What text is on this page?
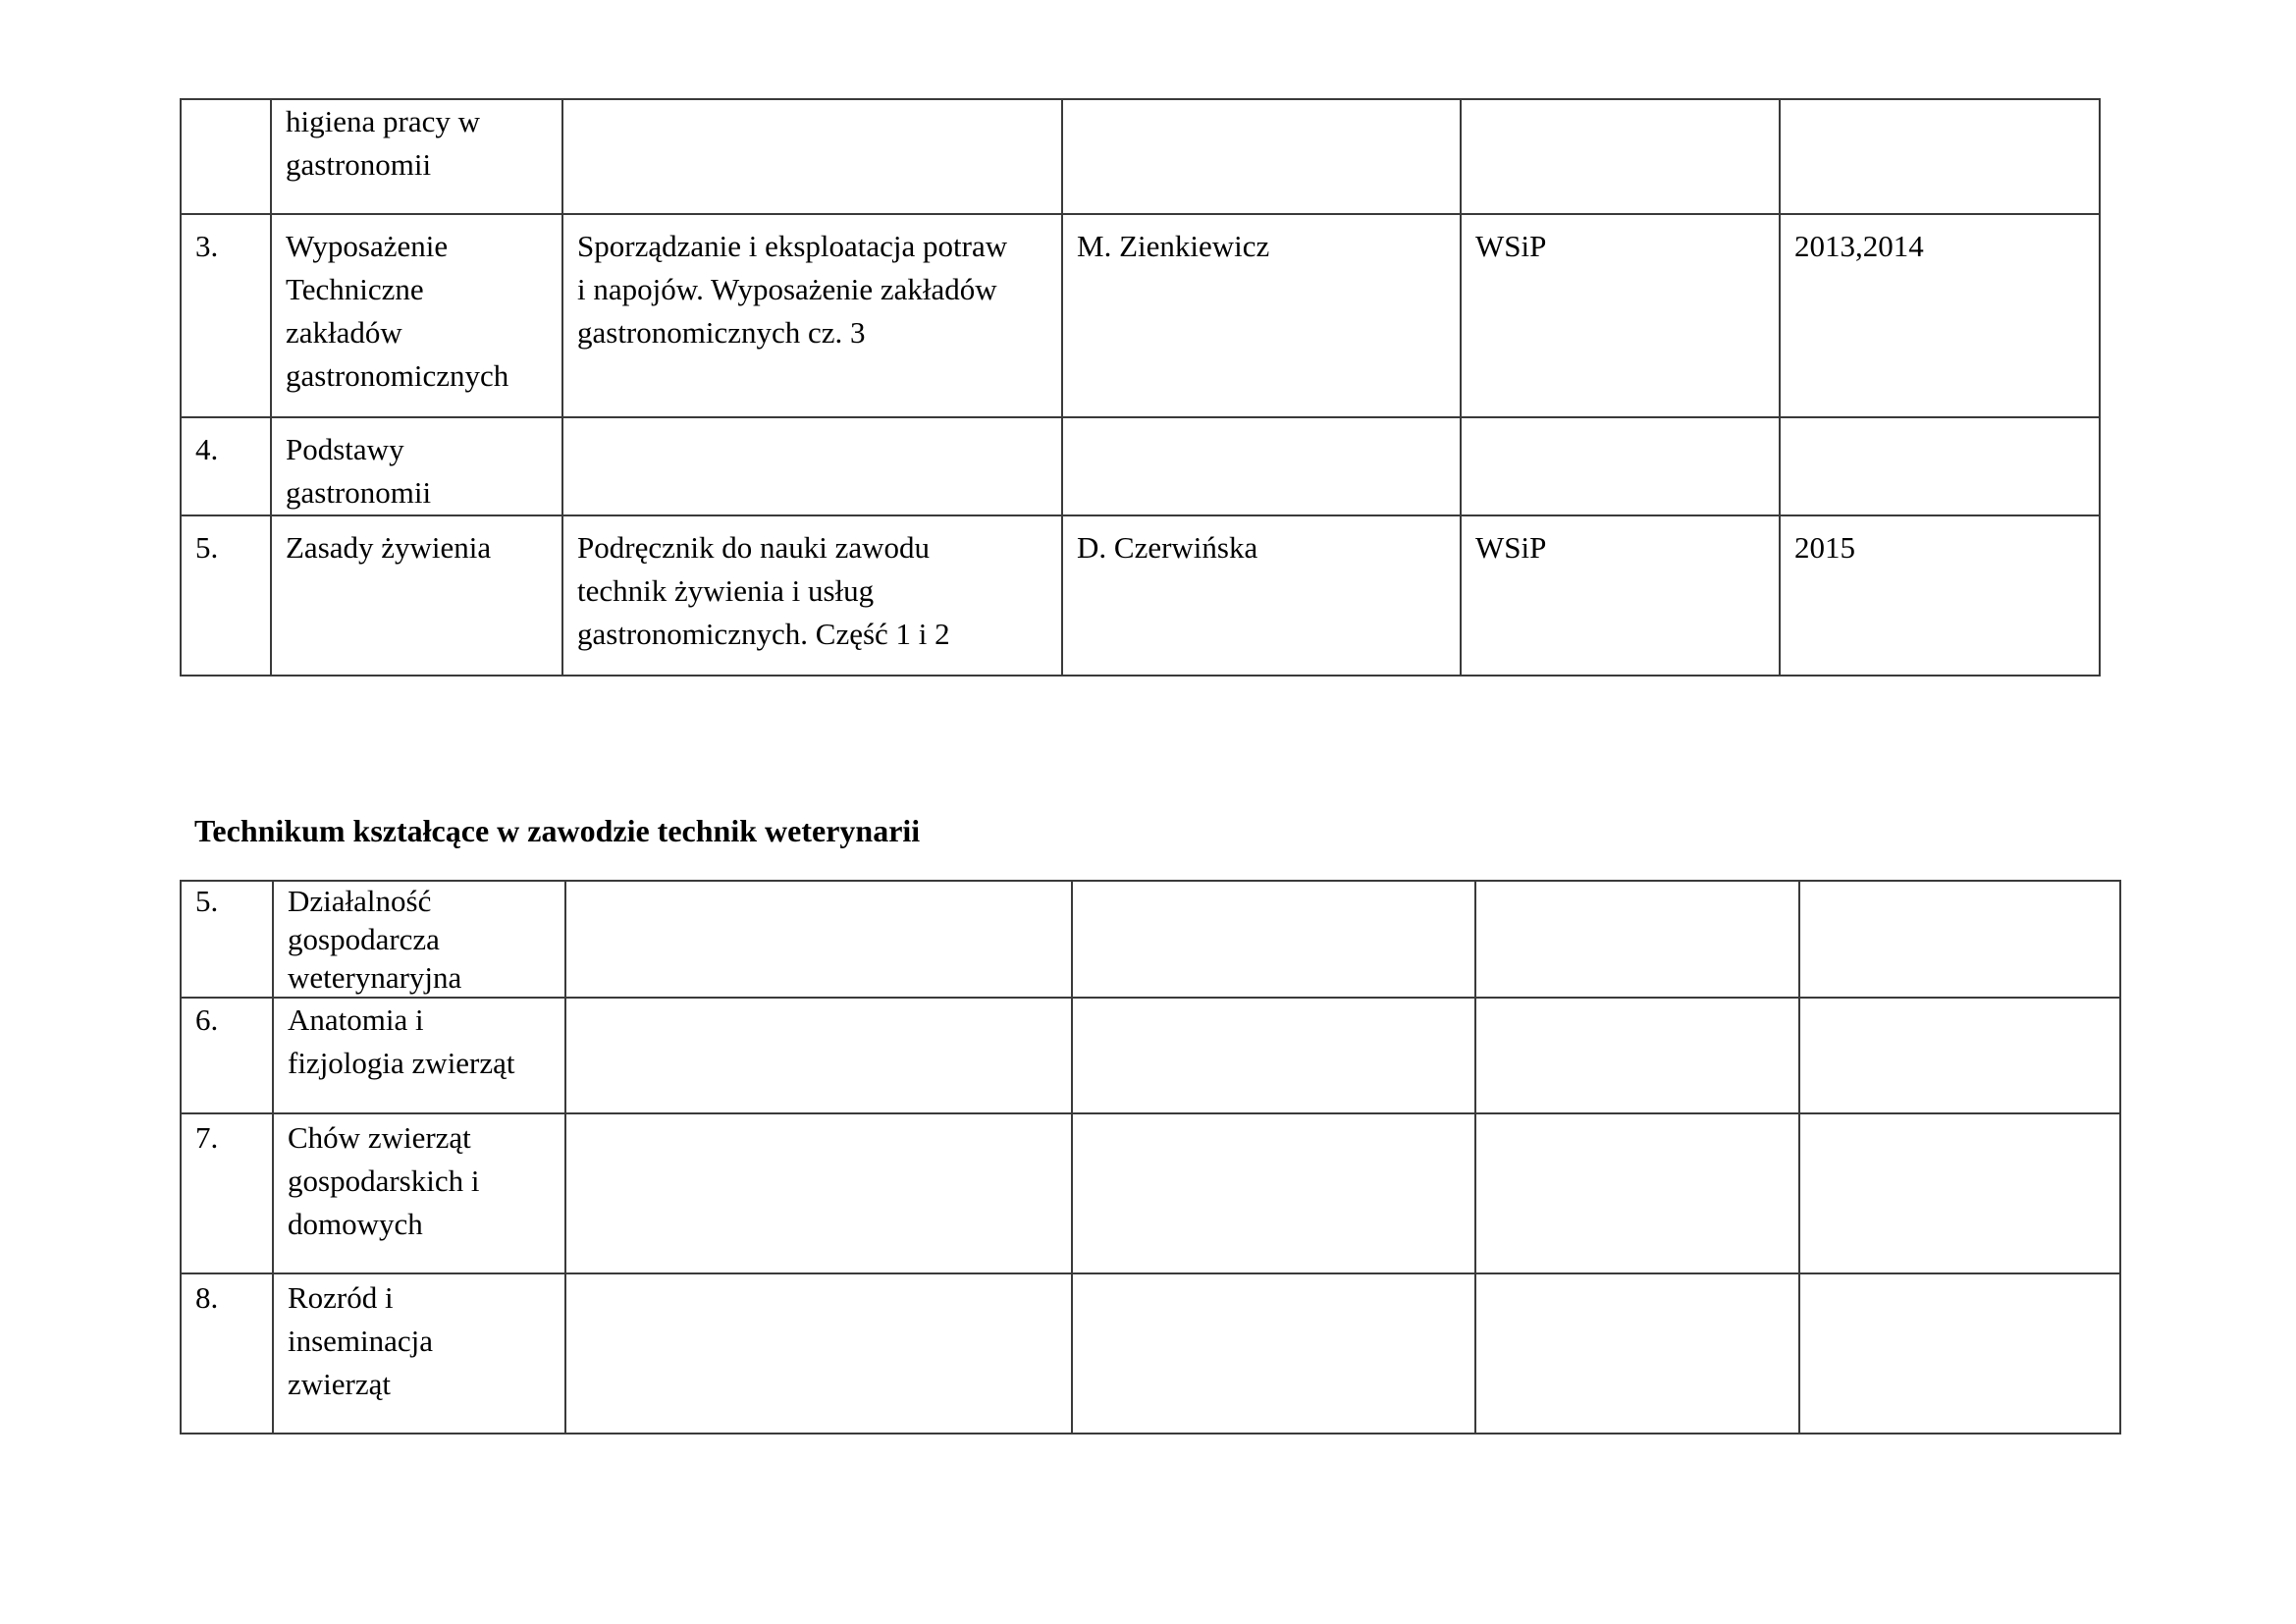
	higiena pracy w
gastronomii				

3.	Wyposażenie
Techniczne
zakładów
gastronomicznych	Sporządzanie i eksploatacja potraw
i napojów. Wyposażenie zakładów
gastronomicznych cz. 3	M. Zienkiewicz	WSiP	2013,2014

4.	Podstawy
gastronomii				

5.	Zasady żywienia	Podręcznik do nauki zawodu
technik żywienia i usług
gastronomicznych. Część 1 i 2	D. Czerwińska	WSiP	2015
Technikum kształcące w zawodzie technik weterynarii
5.	Działalność
gospodarcza
weterynaryjna				

6.	Anatomia i
fizjologia zwierząt				

7.	Chów zwierząt
gospodarskich i
domowych				

8.	Rozród i
inseminacja
zwierząt				
